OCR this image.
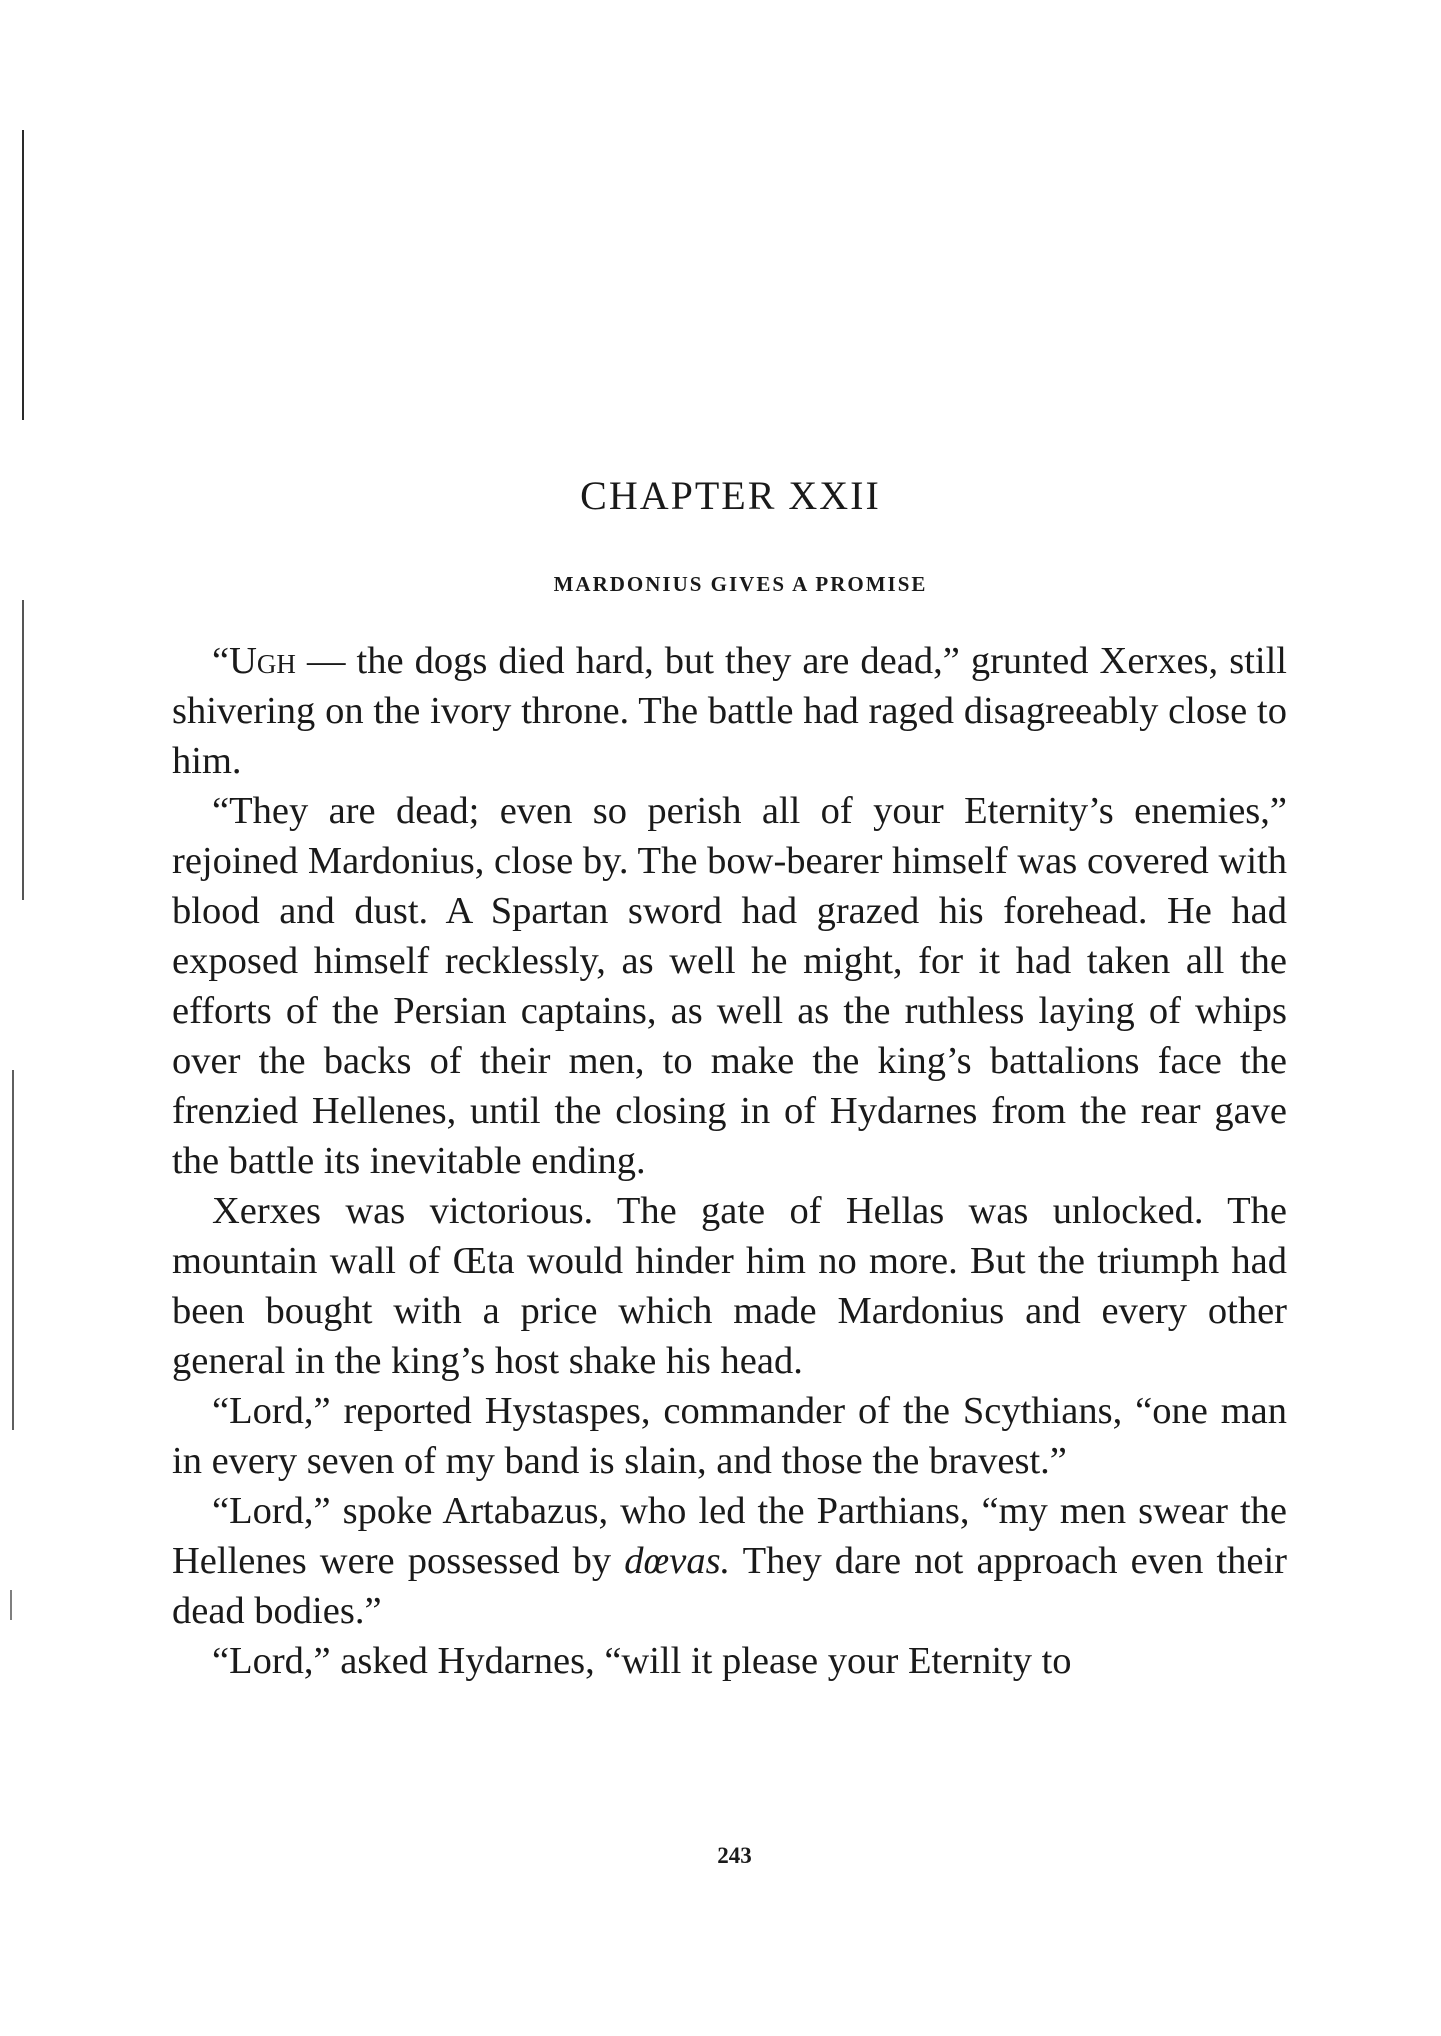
CHAPTER XXII
MARDONIUS GIVES A PROMISE

“Ugh — the dogs died hard, but they are dead,” grunted Xerxes, still shivering on the ivory throne. The battle had raged disagreeably close to him.

“They are dead; even so perish all of your Eternity’s enemies,” rejoined Mardonius, close by. The bow-bearer himself was covered with blood and dust. A Spartan sword had grazed his forehead. He had exposed himself recklessly, as well he might, for it had taken all the efforts of the Persian captains, as well as the ruthless laying of whips over the backs of their men, to make the king’s battalions face the frenzied Hellenes, until the closing in of Hydarnes from the rear gave the battle its inevitable ending.

Xerxes was victorious. The gate of Hellas was unlocked. The mountain wall of Œta would hinder him no more. But the triumph had been bought with a price which made Mardonius and every other general in the king’s host shake his head.

“Lord,” reported Hystaspes, commander of the Scythians, “one man in every seven of my band is slain, and those the bravest.”

“Lord,” spoke Artabazus, who led the Parthians, “my men swear the Hellenes were possessed by dœvas. They dare not approach even their dead bodies.”

“Lord,” asked Hydarnes, “will it please your Eternity to

243
